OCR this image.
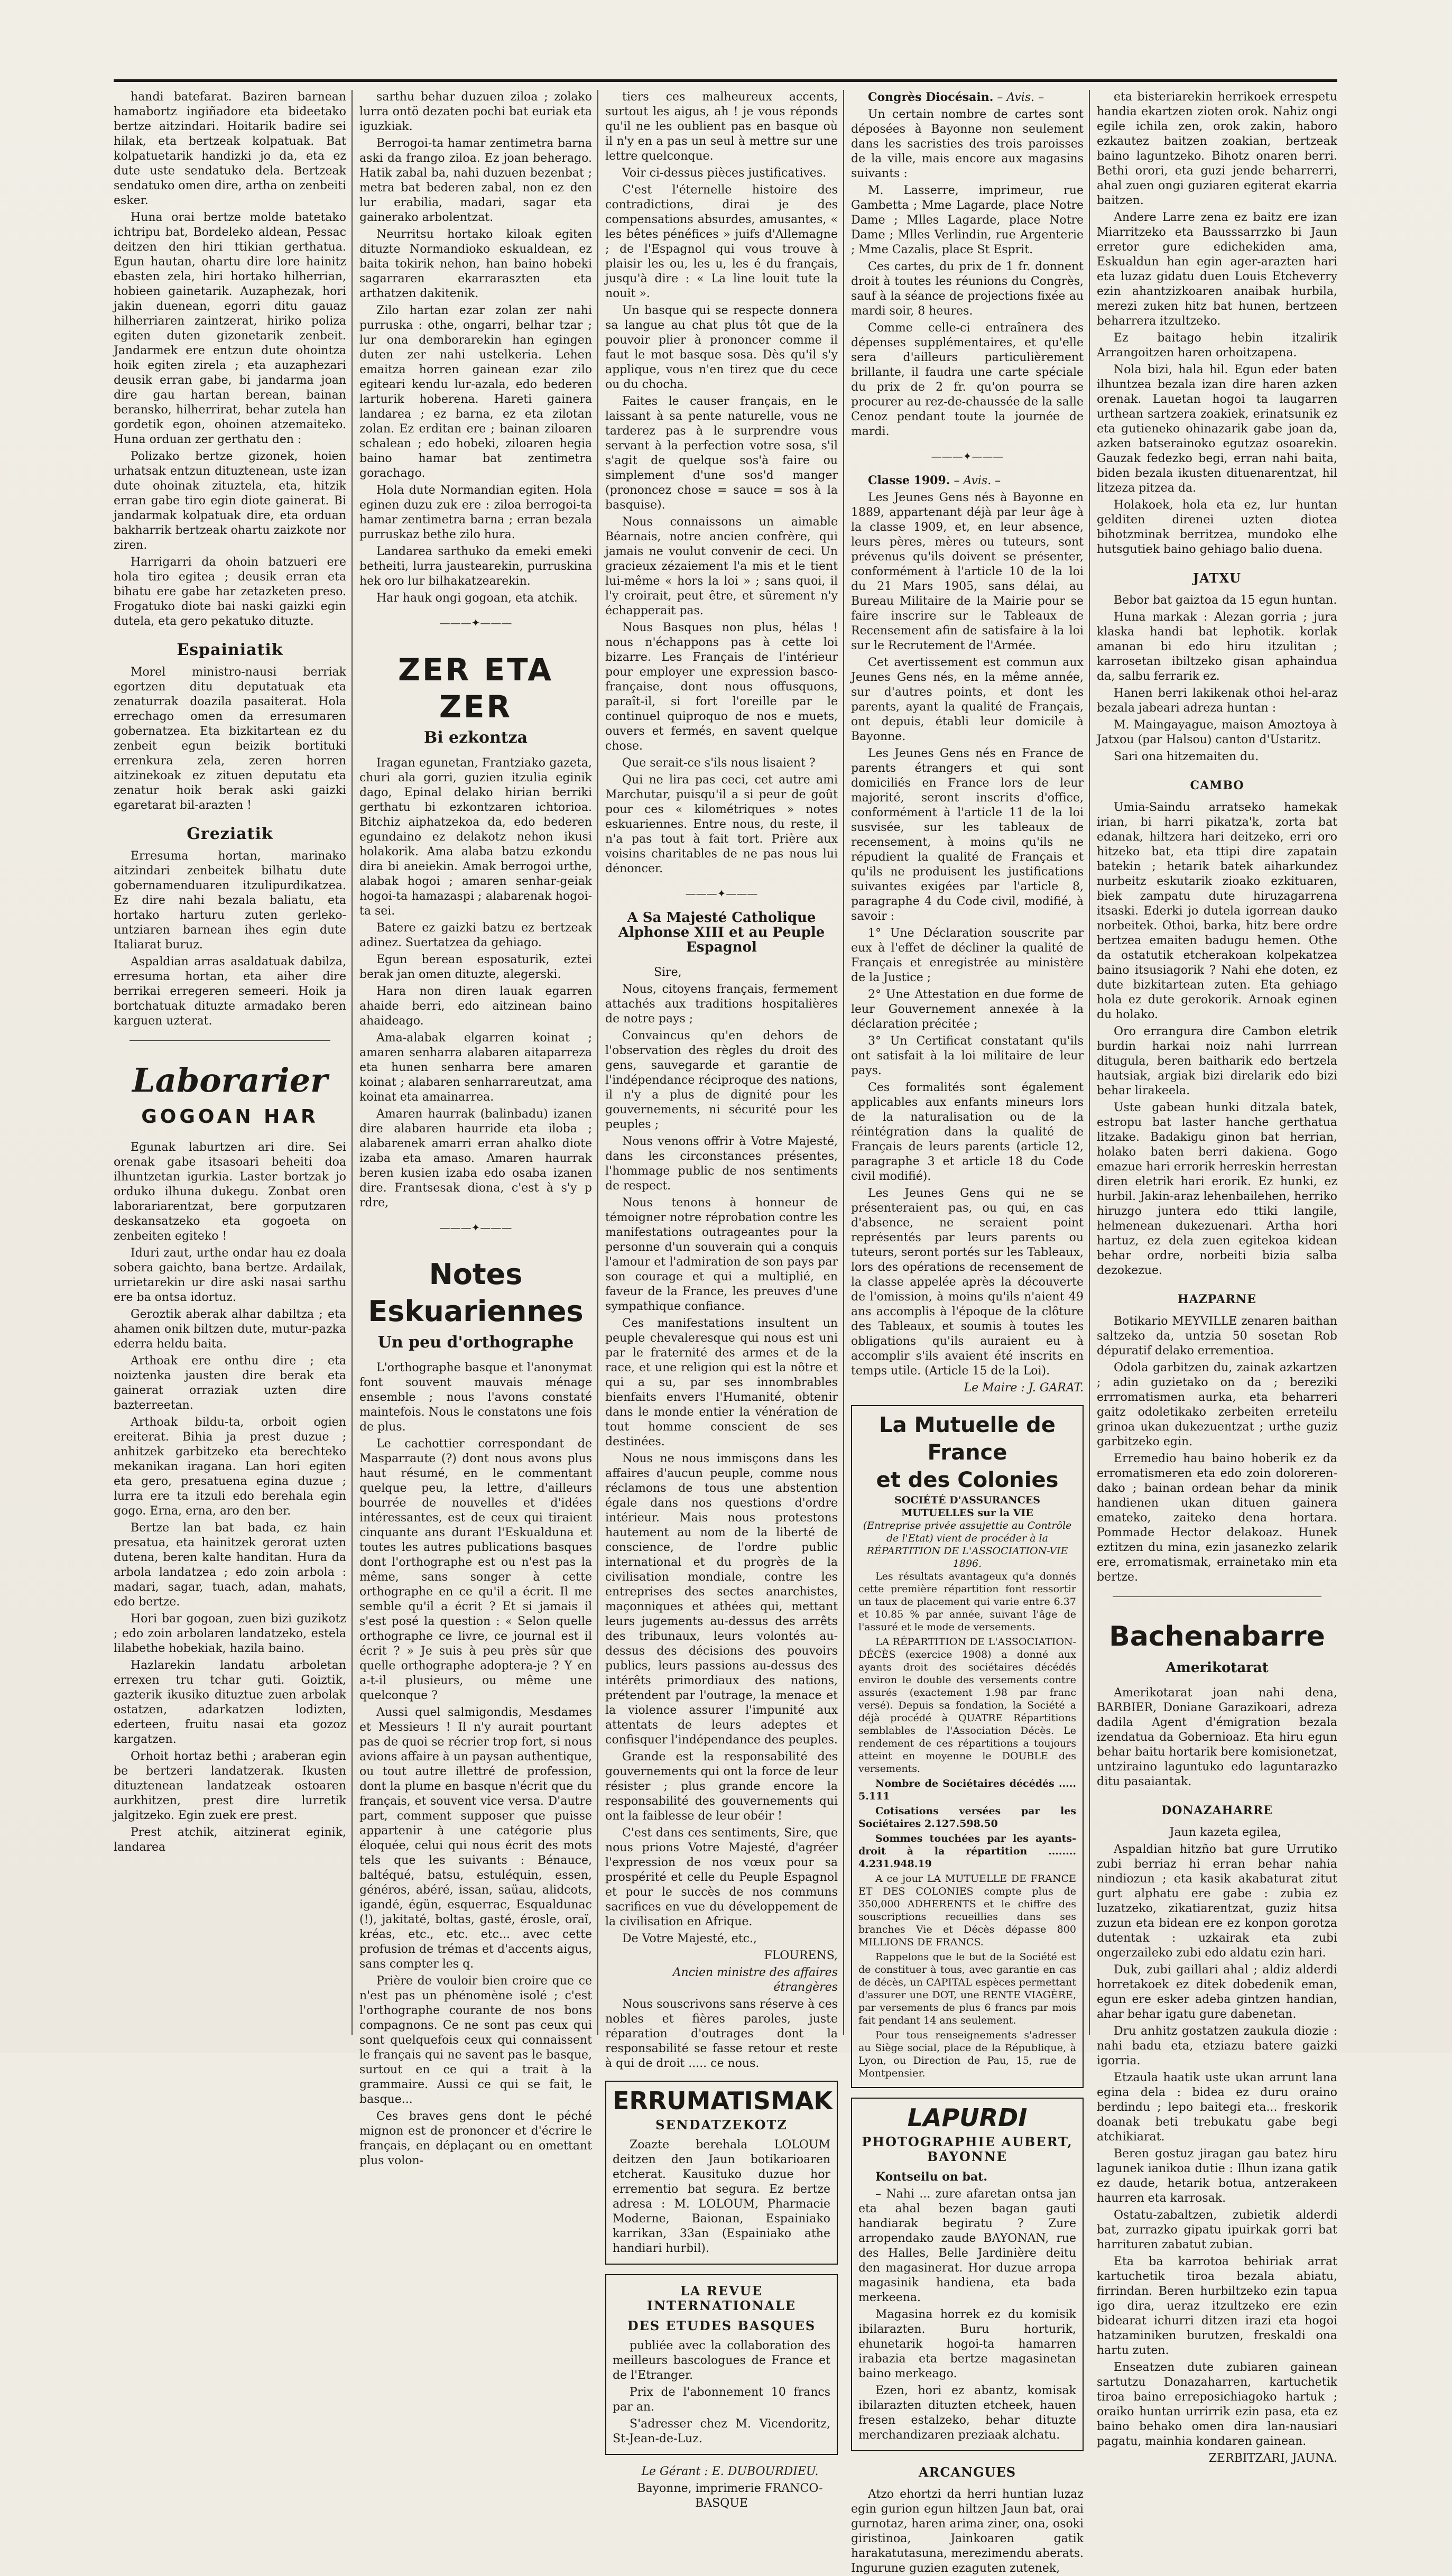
handi batefarat. Baziren barnean hamabortz ingiñadore eta bideetako bertze aitzindari. Hoitarik badire sei hilak, eta bertzeak kolpatuak. Bat kolpatuetarik handizki jo da, eta ez dute uste sendatuko dela. Bertzeak sendatuko omen dire, artha on zenbeiti esker.

Huna orai bertze molde batetako ichtripu bat, Bordeleko aldean, Pessac deitzen den hiri ttikian gerthatua. Egun hautan, ohartu dire lore hainitz ebasten zela, hiri hortako hilherrian, hobieen gainetarik. Auzaphezak, hori jakin duenean, egorri ditu gauaz hilherriaren zaintzerat, hiriko poliza egiten duten gizonetarik zenbeit. Jandarmek ere entzun dute ohointza hoik egiten zirela ; eta auzaphezari deusik erran gabe, bi jandarma joan dire gau hartan berean, bainan beransko, hilherrirat, behar zutela han gordetik egon, ohoinen atzemaiteko. Huna orduan zer gerthatu den :

Polizako bertze gizonek, hoien urhatsak entzun dituztenean, uste izan dute ohoinak zituztela, eta, hitzik erran gabe tiro egin diote gainerat. Bi jandarmak kolpatuak dire, eta orduan bakharrik bertzeak ohartu zaizkote nor ziren.

Harrigarri da ohoin batzueri ere hola tiro egitea ; deusik erran eta bihatu ere gabe har zetazketen preso. Frogatuko diote bai naski gaizki egin dutela, eta gero pekatuko dituzte.

Espainiatik

Morel ministro-nausi berriak egortzen ditu deputatuak eta zenaturrak doazila pasaiterat. Hola errechago omen da erresumaren gobernatzea. Eta bizkitartean ez du zenbeit egun beizik bortituki errenkura zela, zeren horren aitzinekoak ez zituen deputatu eta zenatur hoik berak aski gaizki egaretarat bil-arazten !

Greziatik

Erresuma hortan, marinako aitzindari zenbeitek bilhatu dute gobernamenduaren itzulipurdikatzea. Ez dire nahi bezala baliatu, eta hortako harturu zuten gerleko-untziaren barnean ihes egin dute Italiarat buruz.

Aspaldian arras asaldatuak dabilza, erresuma hortan, eta aiher dire berrikai erregeren semeeri. Hoik ja bortchatuak dituzte armadako beren karguen uzterat.

Laborarier
GOGOAN HAR

Egunak laburtzen ari dire. Sei orenak gabe itsasoari beheiti doa ilhuntzetan igurkia. Laster bortzak jo orduko ilhuna dukegu. Zonbat oren laborariarentzat, bere gorputzaren deskansatzeko eta gogoeta on zenbeiten egiteko !

Iduri zaut, urthe ondar hau ez doala sobera gaichto, bana bertze. Ardailak, urrietarekin ur dire aski nasai sarthu ere ba ontsa idortuz.

Geroztik aberak alhar dabiltza ; eta ahamen onik biltzen dute, mutur-pazka ederra heldu baita.

Arthoak ere onthu dire ; eta noiztenka jausten dire berak eta gainerat orraziak uzten dire bazterreetan.

Arthoak bildu-ta, orboit ogien ereiterat. Bihia ja prest duzue ; anhitzek garbitzeko eta berechteko mekanikan iragana. Lan hori egiten eta gero, presatuena egina duzue ; lurra ere ta itzuli edo berehala egin gogo. Erna, erna, aro den ber.

Bertze lan bat bada, ez hain presatua, eta hainitzek gerorat uzten dutena, beren kalte handitan. Hura da arbola landatzea ; edo zoin arbola : madari, sagar, tuach, adan, mahats, edo bertze.

Hori bar gogoan, zuen bizi guzikotz ; edo zoin arbolaren landatzeko, estela lilabethe hobekiak, hazila baino.

Hazlarekin landatu arboletan errexen tru tchar guti. Goiztik, gazterik ikusiko dituztue zuen arbolak ostatzen, adarkatzen lodizten, ederteen, fruitu nasai eta gozoz kargatzen.

Orhoit hortaz bethi ; araberan egin be bertzeri landatzerak. Ikusten dituztenean landatzeak ostoaren aurkhitzen, prest dire lurretik jalgitzeko. Egin zuek ere prest.

Prest atchik, aitzinerat eginik, landarea

sarthu behar duzuen ziloa ; zolako lurra ontö dezaten pochi bat euriak eta iguzkiak.

Berrogoi-ta hamar zentimetra barna aski da frango ziloa. Ez joan beherago. Hatik zabal ba, nahi duzuen bezenbat ; metra bat bederen zabal, non ez den lur erabilia, madari, sagar eta gainerako arbolentzat.

Neurritsu hortako kiloak egiten dituzte Normandioko eskualdean, ez baita tokirik nehon, han baino hobeki sagarraren ekarraraszten eta arthatzen dakitenik.

Zilo hartan ezar zolan zer nahi purruska : othe, ongarri, belhar tzar ; lur ona demborarekin han egingen duten zer nahi ustelkeria. Lehen emaitza horren gainean ezar zilo egiteari kendu lur-azala, edo bederen larturik hoberena. Hareti gainera landarea ; ez barna, ez eta zilotan zolan. Ez erditan ere ; bainan ziloaren schalean ; edo hobeki, ziloaren hegia baino hamar bat zentimetra gorachago.

Hola dute Normandian egiten. Hola eginen duzu zuk ere : ziloa berrogoi-ta hamar zentimetra barna ; erran bezala purruskaz bethe zilo hura.

Landarea sarthuko da emeki emeki betheiti, lurra jaustearekin, purruskina hek oro lur bilhakatzearekin.

Har hauk ongi gogoan, eta atchik.

———✦———
ZER ETA ZER
Bi ezkontza

Iragan egunetan, Frantziako gazeta, churi ala gorri, guzien itzulia eginik dago, Epinal delako hirian berriki gerthatu bi ezkontzaren ichtorioa. Bitchiz aiphatzekoa da, edo bederen egundaino ez delakotz nehon ikusi holakorik. Ama alaba batzu ezkondu dira bi aneiekin. Amak berrogoi urthe, alabak hogoi ; amaren senhar-geiak hogoi-ta hamazaspi ; alabarenak hogoi-ta sei.

Batere ez gaizki batzu ez bertzeak adinez. Suertatzea da gehiago.

Egun berean esposaturik, eztei berak jan omen dituzte, alegerski.

Hara non diren lauak egarren ahaide berri, edo aitzinean baino ahaideago.

Ama-alabak elgarren koinat ; amaren senharra alabaren aitaparreza eta hunen senharra bere amaren koinat ; alabaren senharrareutzat, ama koinat eta amainarrea.

Amaren haurrak (balinbadu) izanen dire alabaren haurride eta iloba ; alabarenek amarri erran ahalko diote izaba eta amaso. Amaren haurrak beren kusien izaba edo osaba izanen dire. Frantsesak diona, c'est à s'y p rdre,

———✦———
Notes Eskuariennes
Un peu d'orthographe

L'orthographe basque et l'anonymat font souvent mauvais ménage ensemble ; nous l'avons constaté maintefois. Nous le constatons une fois de plus.

Le cachottier correspondant de Masparraute (?) dont nous avons plus haut résumé, en le commentant quelque peu, la lettre, d'ailleurs bourrée de nouvelles et d'idées intéressantes, est de ceux qui tiraient cinquante ans durant l'Eskualduna et toutes les autres publications basques dont l'orthographe est ou n'est pas la même, sans songer à cette orthographe en ce qu'il a écrit. Il me semble qu'il a écrit ? Et si jamais il s'est posé la question : « Selon quelle orthographe ce livre, ce journal est il écrit ? » Je suis à peu près sûr que quelle orthographe adoptera-je ? Y en a-t-il plusieurs, ou même une quelconque ?

Aussi quel salmigondis, Mesdames et Messieurs ! Il n'y aurait pourtant pas de quoi se récrier trop fort, si nous avions affaire à un paysan authentique, ou tout autre illettré de profession, dont la plume en basque n'écrit que du français, et souvent vice versa. D'autre part, comment supposer que puisse appartenir à une catégorie plus éloquée, celui qui nous écrit des mots tels que les suivants : Bénauce, baltéqué, batsu, estuléquin, essen, généros, abéré, issan, saüau, alidcots, igandé, égün, esquerrac, Esqualdunac (!), jakitaté, boltas, gasté, érosle, oraï, kréas, etc., etc. etc... avec cette profusion de trémas et d'accents aigus, sans compter les q.

Prière de vouloir bien croire que ce n'est pas un phénomène isolé ; c'est l'orthographe courante de nos bons compagnons. Ce ne sont pas ceux qui sont quelquefois ceux qui connaissent le français qui ne savent pas le basque, surtout en ce qui a trait à la grammaire. Aussi ce qui se fait, le basque...

Ces braves gens dont le péché mignon est de prononcer et d'écrire le français, en déplaçant ou en omettant plus volon-

tiers ces malheureux accents, surtout les aigus, ah ! je vous réponds qu'il ne les oublient pas en basque où il n'y en a pas un seul à mettre sur une lettre quelconque.

Voir ci-dessus pièces justificatives.

C'est l'éternelle histoire des contradictions, dirai je des compensations absurdes, amusantes, « les bêtes pénéfices » juifs d'Allemagne ; de l'Espagnol qui vous trouve à plaisir les ou, les u, les é du français, jusqu'à dire : « La line louit tute la nouit ».

Un basque qui se respecte donnera sa langue au chat plus tôt que de la pouvoir plier à prononcer comme il faut le mot basque sosa. Dès qu'il s'y applique, vous n'en tirez que du cece ou du chocha.

Faites le causer français, en le laissant à sa pente naturelle, vous ne tarderez pas à le surprendre vous servant à la perfection votre sosa, s'il s'agit de quelque sos'à faire ou simplement d'une sos'd manger (prononcez chose = sauce = sos à la basquise).

Nous connaissons un aimable Béarnais, notre ancien confrère, qui jamais ne voulut convenir de ceci. Un gracieux zézaiement l'a mis et le tient lui-même « hors la loi » ; sans quoi, il l'y croirait, peut être, et sûrement n'y échapperait pas.

Nous Basques non plus, hélas ! nous n'échappons pas à cette loi bizarre. Les Français de l'intérieur pour employer une expression basco-française, dont nous offusquons, paraît-il, si fort l'oreille par le continuel quiproquo de nos e muets, ouvers et fermés, en savent quelque chose.

Que serait-ce s'ils nous lisaient ?

Qui ne lira pas ceci, cet autre ami Marchutar, puisqu'il a si peur de goût pour ces « kilométriques » notes eskuariennes. Entre nous, du reste, il n'a pas tout à fait tort. Prière aux voisins charitables de ne pas nous lui dénoncer.

———✦———
A Sa Majesté Catholique Alphonse XIII et au Peuple Espagnol

Sire,

Nous, citoyens français, fermement attachés aux traditions hospitalières de notre pays ;

Convaincus qu'en dehors de l'observation des règles du droit des gens, sauvegarde et garantie de l'indépendance réciproque des nations, il n'y a plus de dignité pour les gouvernements, ni sécurité pour les peuples ;

Nous venons offrir à Votre Majesté, dans les circonstances présentes, l'hommage public de nos sentiments de respect.

Nous tenons à honneur de témoigner notre réprobation contre les manifestations outrageantes pour la personne d'un souverain qui a conquis l'amour et l'admiration de son pays par son courage et qui a multiplié, en faveur de la France, les preuves d'une sympathique confiance.

Ces manifestations insultent un peuple chevaleresque qui nous est uni par le fraternité des armes et de la race, et une religion qui est la nôtre et qui a su, par ses innombrables bienfaits envers l'Humanité, obtenir dans le monde entier la vénération de tout homme conscient de ses destinées.

Nous ne nous immisçons dans les affaires d'aucun peuple, comme nous réclamons de tous une abstention égale dans nos questions d'ordre intérieur. Mais nous protestons hautement au nom de la liberté de conscience, de l'ordre public international et du progrès de la civilisation mondiale, contre les entreprises des sectes anarchistes, maçonniques et athées qui, mettant leurs jugements au-dessus des arrêts des tribunaux, leurs volontés au-dessus des décisions des pouvoirs publics, leurs passions au-dessus des intérêts primordiaux des nations, prétendent par l'outrage, la menace et la violence assurer l'impunité aux attentats de leurs adeptes et confisquer l'indépendance des peuples.

Grande est la responsabilité des gouvernements qui ont la force de leur résister ; plus grande encore la responsabilité des gouvernements qui ont la faiblesse de leur obéir !

C'est dans ces sentiments, Sire, que nous prions Votre Majesté, d'agréer l'expression de nos vœux pour sa prospérité et celle du Peuple Espagnol et pour le succès de nos communs sacrifices en vue du développement de la civilisation en Afrique.

De Votre Majesté, etc.,

FLOURENS,

Ancien ministre des affaires étrangères

Nous souscrivons sans réserve à ces nobles et fières paroles, juste réparation d'outrages dont la responsabilité se fasse retour et reste à qui de droit ..... ce nous.

ERRUMATISMAK
SENDATZEKOTZ

Zoazte berehala LOLOUM deitzen den Jaun botikarioaren etcherat. Kausituko duzue hor errementio bat segura. Ez bertze adresa : M. LOLOUM, Pharmacie Moderne, Baionan, Espainiako karrikan, 33an (Espainiako athe handiari hurbil).

LA REVUE INTERNATIONALE
DES ETUDES BASQUES

publiée avec la collaboration des meilleurs bascologues de France et de l'Etranger.

Prix de l'abonnement 10 francs par an.

S'adresser chez M. Vicendoritz, St-Jean-de-Luz.

Le Gérant : E. DUBOURDIEU.

Bayonne, imprimerie FRANCO-BASQUE

Congrès Diocésain. – Avis. –

Un certain nombre de cartes sont déposées à Bayonne non seulement dans les sacristies des trois paroisses de la ville, mais encore aux magasins suivants :

M. Lasserre, imprimeur, rue Gambetta ; Mme Lagarde, place Notre Dame ; Mlles Lagarde, place Notre Dame ; Mlles Verlindin, rue Argenterie ; Mme Cazalis, place St Esprit.

Ces cartes, du prix de 1 fr. donnent droit à toutes les réunions du Congrès, sauf à la séance de projections fixée au mardi soir, 8 heures.

Comme celle-ci entraînera des dépenses supplémentaires, et qu'elle sera d'ailleurs particulièrement brillante, il faudra une carte spéciale du prix de 2 fr. qu'on pourra se procurer au rez-de-chaussée de la salle Cenoz pendant toute la journée de mardi.

———✦———

Classe 1909. – Avis. –

Les Jeunes Gens nés à Bayonne en 1889, appartenant déjà par leur âge à la classe 1909, et, en leur absence, leurs pères, mères ou tuteurs, sont prévenus qu'ils doivent se présenter, conformément à l'article 10 de la loi du 21 Mars 1905, sans délai, au Bureau Militaire de la Mairie pour se faire inscrire sur le Tableaux de Recensement afin de satisfaire à la loi sur le Recrutement de l'Armée.

Cet avertissement est commun aux Jeunes Gens nés, en la même année, sur d'autres points, et dont les parents, ayant la qualité de Français, ont depuis, établi leur domicile à Bayonne.

Les Jeunes Gens nés en France de parents étrangers et qui sont domiciliés en France lors de leur majorité, seront inscrits d'office, conformément à l'article 11 de la loi susvisée, sur les tableaux de recensement, à moins qu'ils ne répudient la qualité de Français et qu'ils ne produisent les justifications suivantes exigées par l'article 8, paragraphe 4 du Code civil, modifié, à savoir :

1° Une Déclaration souscrite par eux à l'effet de décliner la qualité de Français et enregistrée au ministère de la Justice ;

2° Une Attestation en due forme de leur Gouvernement annexée à la déclaration précitée ;

3° Un Certificat constatant qu'ils ont satisfait à la loi militaire de leur pays.

Ces formalités sont également applicables aux enfants mineurs lors de la naturalisation ou de la réintégration dans la qualité de Français de leurs parents (article 12, paragraphe 3 et article 18 du Code civil modifié).

Les Jeunes Gens qui ne se présenteraient pas, ou qui, en cas d'absence, ne seraient point représentés par leurs parents ou tuteurs, seront portés sur les Tableaux, lors des opérations de recensement de la classe appelée après la découverte de l'omission, à moins qu'ils n'aient 49 ans accomplis à l'époque de la clôture des Tableaux, et soumis à toutes les obligations qu'ils auraient eu à accomplir s'ils avaient été inscrits en temps utile. (Article 15 de la Loi).

Le Maire : J. GARAT.

La Mutuelle de France
et des Colonies
SOCIÉTÉ D'ASSURANCES MUTUELLES sur la VIE
(Entreprise privée assujettie au Contrôle de l'Etat) vient de procéder à la RÉPARTITION DE L'ASSOCIATION-VIE 1896.

Les résultats avantageux qu'a donnés cette première répartition font ressortir un taux de placement qui varie entre 6.37 et 10.85 % par année, suivant l'âge de l'assuré et le mode de versements.

LA RÉPARTITION DE L'ASSOCIATION-DÉCÈS (exercice 1908) a donné aux ayants droit des sociétaires décédés environ le double des versements contre assurés (exactement 1.98 par franc versé). Depuis sa fondation, la Société a déjà procédé à QUATRE Répartitions semblables de l'Association Décès. Le rendement de ces répartitions a toujours atteint en moyenne le DOUBLE des versements.

Nombre de Sociétaires décédés ..... 5.111

Cotisations versées par les Sociétaires 2.127.598.50

Sommes touchées par les ayants-droit à la répartition ........ 4.231.948.19

A ce jour LA MUTUELLE DE FRANCE ET DES COLONIES compte plus de 350,000 ADHERENTS et le chiffre des souscriptions recueillies dans ses branches Vie et Décès dépasse 800 MILLIONS DE FRANCS.

Rappelons que le but de la Société est de constituer à tous, avec garantie en cas de décès, un CAPITAL espèces permettant d'assurer une DOT, une RENTE VIAGÈRE, par versements de plus 6 francs par mois fait pendant 14 ans seulement.

Pour tous renseignements s'adresser au Siège social, place de la République, à Lyon, ou Direction de Pau, 15, rue de Montpensier.

LAPURDI
PHOTOGRAPHIE AUBERT, BAYONNE

Kontseilu on bat.

– Nahi ... zure afaretan ontsa jan eta ahal bezen bagan gauti handiarak begiratu ? Zure arropendako zaude BAYONAN, rue des Halles, Belle Jardinière deitu den magasinerat. Hor duzue arropa magasinik handiena, eta bada merkeena.

Magasina horrek ez du komisik ibilarazten. Buru horturik, ehunetarik hogoi-ta hamarren irabazia eta bertze magasinetan baino merkeago.

Ezen, hori ez abantz, komisak ibilarazten dituzten etcheek, hauen fresen estalzeko, behar dituzte merchandizaren preziaak alchatu.

ARCANGUES

Atzo ehortzi da herri huntian luzaz egin gurion egun hiltzen Jaun bat, orai gurnotaz, haren arima ziner, ona, osoki giristinoa, Jainkoaren gatik harakatutasuna, merezimendu aberats. Ingurune guzien ezaguten zutenek,

eta bisteriarekin herrikoek errespetu handia ekartzen zioten orok. Nahiz ongi egile ichila zen, orok zakin, haboro ezkautez baitzen zoakian, bertzeak baino laguntzeko. Bihotz onaren berri. Bethi orori, eta guzi jende beharrerri, ahal zuen ongi guziaren egiterat ekarria baitzen.

Andere Larre zena ez baitz ere izan Miarritzeko eta Bausssarrzko bi Jaun erretor gure edichekiden ama, Eskualdun han egin ager-arazten hari eta luzaz gidatu duen Louis Etcheverry ezin ahantzizkoaren anaibak hurbila, merezi zuken hitz bat hunen, bertzeen beharrera itzultzeko.

Ez baitago hebin itzalirik Arrangoitzen haren orhoitzapena.

Nola bizi, hala hil. Egun eder baten ilhuntzea bezala izan dire haren azken orenak. Lauetan hogoi ta laugarren urthean sartzera zoakiek, erinatsunik ez eta gutieneko ohinazarik gabe joan da, azken batserainoko egutzaz osoarekin. Gauzak fedezko begi, erran nahi baita, biden bezala ikusten dituenarentzat, hil litzeza pitzea da.

Holakoek, hola eta ez, lur huntan gelditen direnei uzten diotea bihotzminak berritzea, mundoko elhe hutsgutiek baino gehiago balio duena.

JATXU

Bebor bat gaiztoa da 15 egun huntan.

Huna markak : Alezan gorria ; jura klaska handi bat lephotik. korlak amanan bi edo hiru itzulitan ; karrosetan ibiltzeko gisan aphaindua da, salbu ferrarik ez.

Hanen berri lakikenak othoi hel-araz bezala jabeari adreza huntan :

M. Maingayague, maison Amoztoya à Jatxou (par Halsou) canton d'Ustaritz.

Sari ona hitzemaiten du.

CAMBO

Umia-Saindu arratseko hamekak irian, bi harri pikatza'k, zorta bat edanak, hiltzera hari deitzeko, erri oro hitzeko bat, eta ttipi dire zapatain batekin ; hetarik batek aiharkundez nurbeitz eskutarik zioako ezkituaren, biek zampatu dute hiruzagarrena itsaski. Ederki jo dutela igorrean dauko norbeitek. Othoi, barka, hitz bere ordre bertzea emaiten badugu hemen. Othe da ostatutik etcherakoan kolpekatzea baino itsusiagorik ? Nahi ehe doten, ez dute bizkitartean zuten. Eta gehiago hola ez dute gerokorik. Arnoak eginen du holako.

Oro errangura dire Cambon eletrik burdin harkai noiz nahi lurrrean ditugula, beren baitharik edo bertzela hautsiak, argiak bizi direlarik edo bizi behar lirakeela.

Uste gabean hunki ditzala batek, estropu bat laster hanche gerthatua litzake. Badakigu ginon bat herrian, holako baten berri dakiena. Gogo emazue hari errorik herreskin herrestan diren eletrik hari erorik. Ez hunki, ez hurbil. Jakin-araz lehenbailehen, herriko hiruzgo juntera edo ttiki langile, helmenean dukezuenari. Artha hori hartuz, ez dela zuen egitekoa kidean behar ordre, norbeiti bizia salba dezokezue.

HAZPARNE

Botikario MEYVILLE zenaren baithan saltzeko da, untzia 50 sosetan Rob dépuratif delako errementioa.

Odola garbitzen du, zainak azkartzen ; adin guzietako on da ; bereziki errromatismen aurka, eta beharreri gaitz odoletikako zerbeiten erreteilu grinoa ukan dukezuentzat ; urthe guziz garbitzeko egin.

Erremedio hau baino hoberik ez da erromatismeren eta edo zoin doloreren-dako ; bainan ordean behar da minik handienen ukan dituen gainera emateko, zaiteko dena hortara. Pommade Hector delakoaz. Hunek eztitzen du mina, ezin jasanezko zelarik ere, erromatismak, errainetako min eta bertze.

Bachenabarre
Amerikotarat

Amerikotarat joan nahi dena, BARBIER, Doniane Garazikoari, adreza dadila Agent d'émigration bezala izendatua da Gobernioaz. Eta hiru egun behar baitu hortarik bere komisionetzat, untziraino laguntuko edo laguntarazko ditu pasaiantak.

DONAZAHARRE

Jaun kazeta egilea,

Aspaldian hitzño bat gure Urrutiko zubi berriaz hi erran behar nahia nindiozun ; eta kasik akabaturat zitut gurt alphatu ere gabe : zubia ez luzatzeko, zikatiarentzat, guziz hitsa zuzun eta bidean ere ez konpon gorotza dutentak : uzkairak eta zubi ongerzaileko zubi edo aldatu ezin hari.

Duk, zubi gaillari ahal ; aldiz alderdi horretakoek ez ditek dobedenik eman, egun ere esker adeba gintzen handian, ahar behar igatu gure dabenetan.

Dru anhitz gostatzen zaukula diozie : nahi badu eta, etziazu batere gaizki igorria.

Etzaula haatik uste ukan arrunt lana egina dela : bidea ez duru oraino berdindu ; lepo baitegi eta... freskorik doanak beti trebukatu gabe begi atchikiarat.

Beren gostuz jiragan gau batez hiru lagunek ianikoa dutie : Ilhun izana gatik ez daude, hetarik botua, antzerakeen haurren eta karrosak.

Ostatu-zabaltzen, zubietik alderdi bat, zurrazko gipatu ipuirkak gorri bat harrituren zabatut zubian.

Eta ba karrotoa behiriak arrat kartuchetik tiroa bezala abiatu, firrindan. Beren hurbiltzeko ezin tapua igo dira, ueraz itzultzeko ere ezin bidearat ichurri ditzen irazi eta hogoi hatzaminiken burutzen, freskaldi ona hartu zuten.

Enseatzen dute zubiaren gainean sartutzu Donazaharren, kartuchetik tiroa baino erreposichiagoko hartuk ; oraiko huntan urrirrik ezin pasa, eta ez baino behako omen dira lan-nausiari pagatu, mainhia kondaren gainean.

ZERBITZARI, JAUNA.
